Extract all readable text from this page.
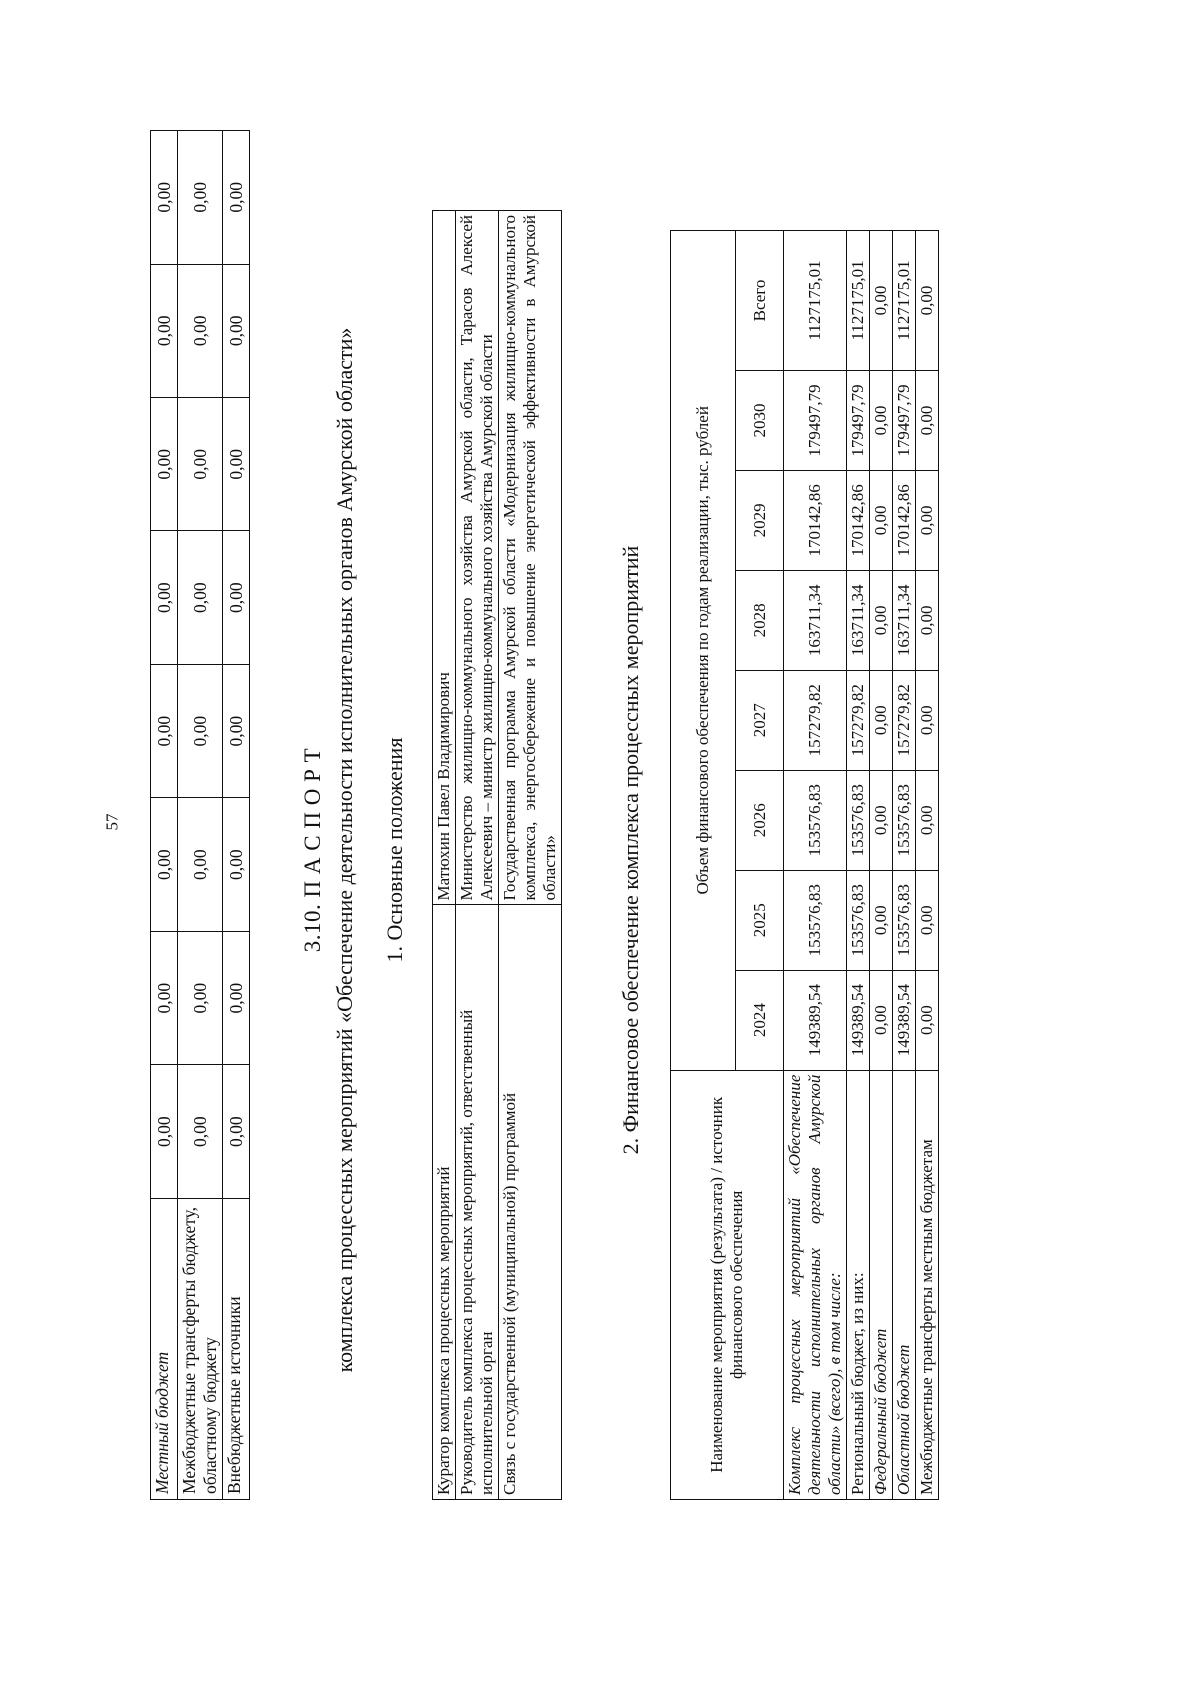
57
Местный бюджет	0,00	0,00	0,00	0,00	0,00	0,00	0,00	0,00
Межбюджетные трансферты бюджету, областному бюджету	0,00	0,00	0,00	0,00	0,00	0,00	0,00	0,00
Внебюджетные источники	0,00	0,00	0,00	0,00	0,00	0,00	0,00	0,00
3.10. П А С П О Р Т комплекса процессных мероприятий «Обеспечение деятельности исполнительных органов Амурской области» 1. Основные положения
Куратор комплекса процессных мероприятий	Матюхин Павел Владимирович
Руководитель комплекса процессных мероприятий, ответственный исполнительной орган	Министерство жилищно-коммунального хозяйства Амурской области, Тарасов Алексей Алексеевич – министр жилищно-коммунального хозяйства Амурской области
Связь с государственной (муниципальной) программой	Государственная программа Амурской области «Модернизация жилищно-коммунального комплекса, энергосбережение и повышение энергетической эффективности в Амурской области»	2. Финансовое обеспечение комплекса процессных мероприятий
Наименование мероприятия (результата) / источник финансового обеспечения	Объем финансового обеспечения по годам реализации, тыс. рублей							
	2024	2025	2026	2027	2028	2029	2030	Всего
Комплекс процессных мероприятий «Обеспечение деятельности исполнительных органов Амурской области» (всего), в том числе:	149389,54	153576,83	153576,83	157279,82	163711,34	170142,86	179497,79	1127175,01
Региональный бюджет, из них:	149389,54	153576,83	153576,83	157279,82	163711,34	170142,86	179497,79	1127175,01
Федеральный бюджет	0,00	0,00	0,00	0,00	0,00	0,00	0,00	0,00
Областной бюджет	149389,54	153576,83	153576,83	157279,82	163711,34	170142,86	179497,79	1127175,01
Межбюджетные трансферты местным бюджетам	0,00	0,00	0,00	0,00	0,00	0,00	0,00	0,00
